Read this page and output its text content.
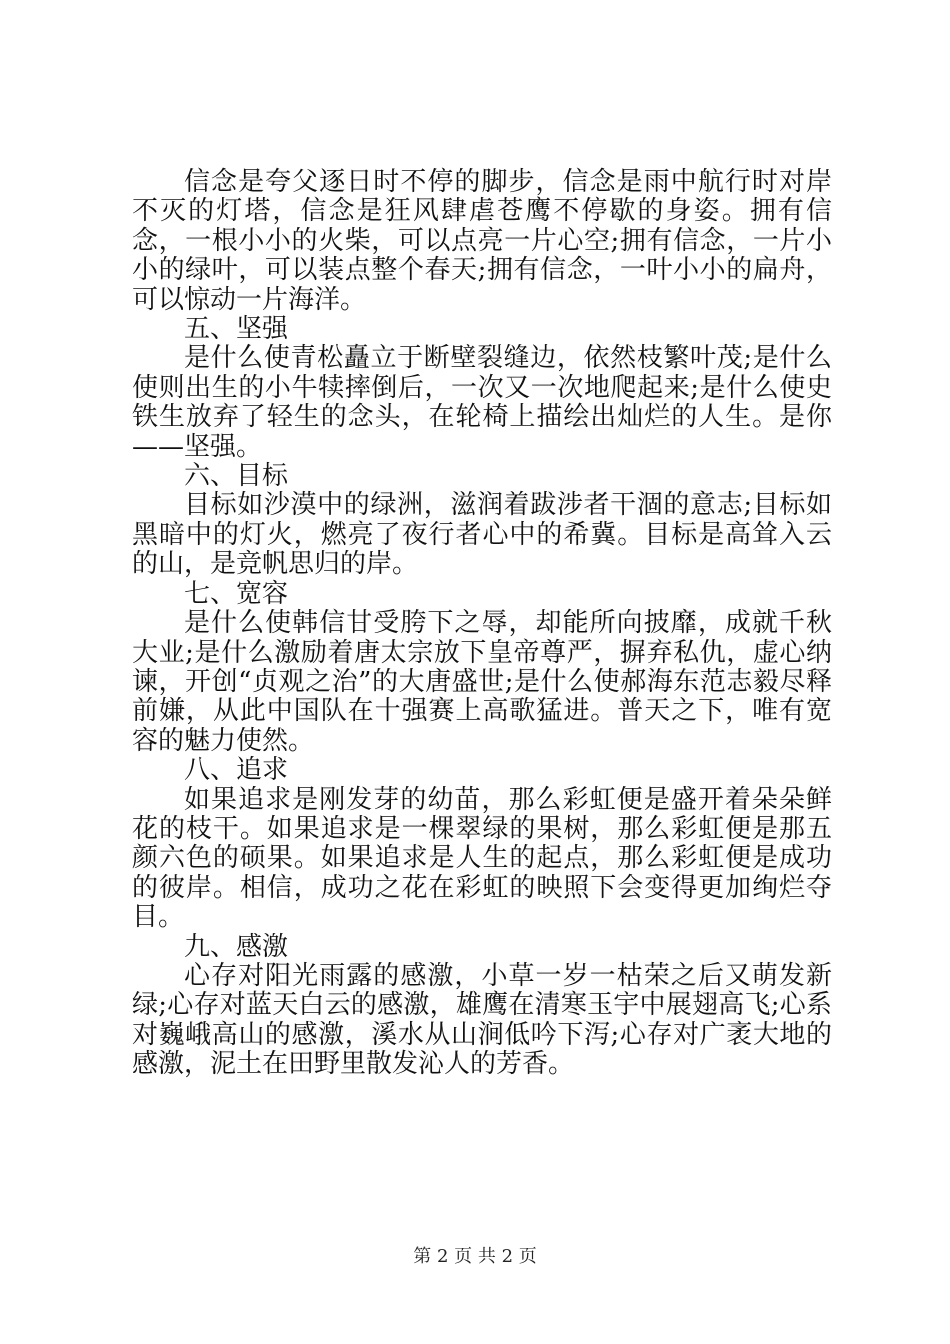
信念是夸父逐日时不停的脚步，信念是雨中航行时对岸不灭的灯塔，信念是狂风肆虐苍鹰不停歇的身姿。拥有信念，一根小小的火柴，可以点亮一片心空;拥有信念，一片小小的绿叶，可以装点整个春天;拥有信念，一叶小小的扁舟，可以惊动一片海洋。

五、坚强

是什么使青松矗立于断壁裂缝边，依然枝繁叶茂;是什么使则出生的小牛犊摔倒后，一次又一次地爬起来;是什么使史铁生放弃了轻生的念头，在轮椅上描绘出灿烂的人生。是你——坚强。

六、目标

目标如沙漠中的绿洲，滋润着跋涉者干涸的意志;目标如黑暗中的灯火，燃亮了夜行者心中的希冀。目标是高耸入云的山，是竞帆思归的岸。

七、宽容

是什么使韩信甘受胯下之辱，却能所向披靡，成就千秋大业;是什么激励着唐太宗放下皇帝尊严，摒弃私仇，虚心纳谏，开创“贞观之治”的大唐盛世;是什么使郝海东范志毅尽释前嫌，从此中国队在十强赛上高歌猛进。普天之下，唯有宽容的魅力使然。

八、追求

如果追求是刚发芽的幼苗，那么彩虹便是盛开着朵朵鲜花的枝干。如果追求是一棵翠绿的果树，那么彩虹便是那五颜六色的硕果。如果追求是人生的起点，那么彩虹便是成功的彼岸。相信，成功之花在彩虹的映照下会变得更加绚烂夺目。

九、感激

心存对阳光雨露的感激，小草一岁一枯荣之后又萌发新绿;心存对蓝天白云的感激，雄鹰在清寒玉宇中展翅高飞;心系对巍峨高山的感激，溪水从山涧低吟下泻;心存对广袤大地的感激，泥土在田野里散发沁人的芳香。

第 2 页 共 2 页
